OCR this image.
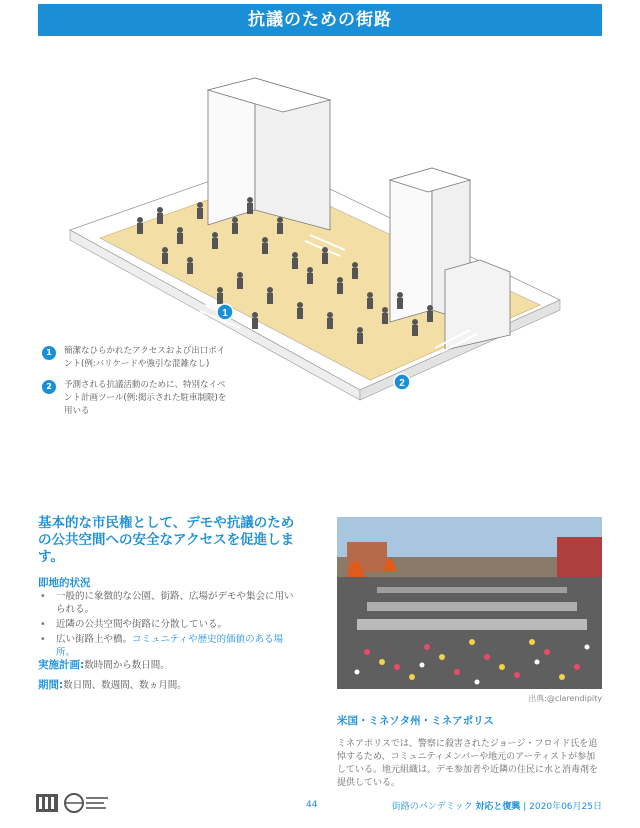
抗議のための街路
1
2
1	簡潔なひらかれたアクセスおよび出口ポイント(例:バリケードや強引な混雑なし)
2	予測される抗議活動のために、特別なイベント計画ツール(例:掲示された駐車制限)を用いる
基本的な市民権として、デモや抗議のための公共空間への安全なアクセスを促進します。
即地的状況
• 一般的に象徴的な公園、街路、広場がデモや集会に用いられる。
• 近隣の公共空間や街路に分散している。
• 広い街路上や橋。コミュニティや歴史的価値のある場所。
実施計画:数時間から数日間。
期間:数日間、数週間、数ヵ月間。
出典:@clarendipity
米国・ミネソタ州・ミネアポリス
ミネアポリスでは、警察に殺害されたジョージ・フロイド氏を追悼するため、コミュニティメンバーや地元のアーティストが参加している。地元組織は、デモ参加者や近隣の住民に水と消毒剤を提供している。
44	街路のパンデミック 対応と復興 | 2020年06月25日
